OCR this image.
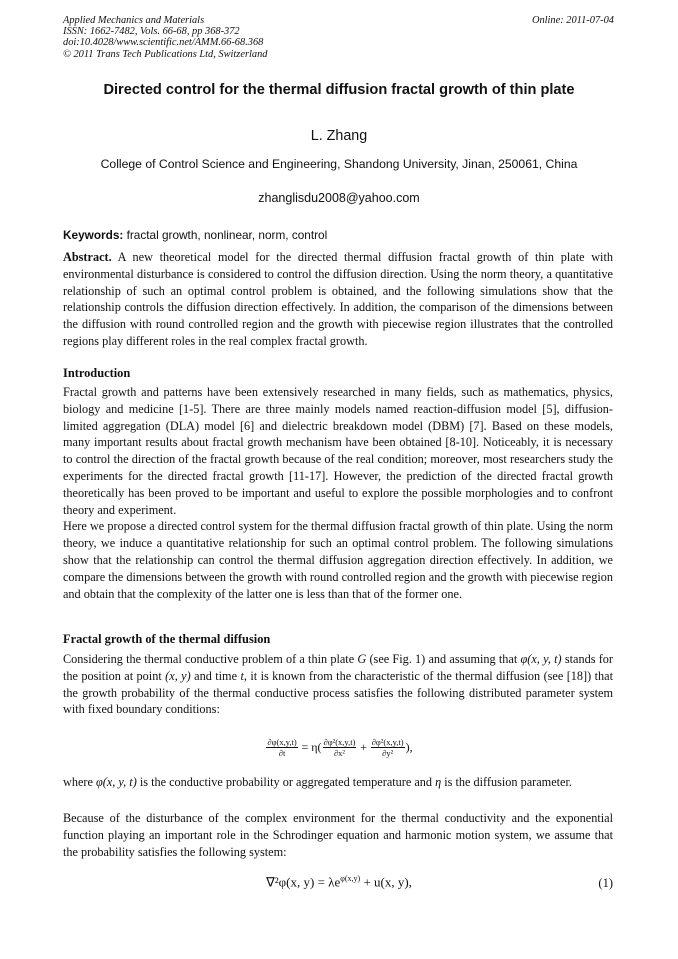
Applied Mechanics and Materials
ISSN: 1662-7482, Vols. 66-68, pp 368-372
doi:10.4028/www.scientific.net/AMM.66-68.368
© 2011 Trans Tech Publications Ltd, Switzerland
Online: 2011-07-04
Directed control for the thermal diffusion fractal growth of thin plate
L. Zhang
College of Control Science and Engineering, Shandong University, Jinan, 250061, China
zhanglisdu2008@yahoo.com
Keywords: fractal growth, nonlinear, norm, control
Abstract. A new theoretical model for the directed thermal diffusion fractal growth of thin plate with environmental disturbance is considered to control the diffusion direction. Using the norm theory, a quantitative relationship of such an optimal control problem is obtained, and the following simulations show that the relationship controls the diffusion direction effectively. In addition, the comparison of the dimensions between the diffusion with round controlled region and the growth with piecewise region illustrates that the controlled regions play different roles in the real complex fractal growth.
Introduction

Fractal growth and patterns have been extensively researched in many fields, such as mathematics, physics, biology and medicine [1-5]. There are three mainly models named reaction-diffusion model [5], diffusion-limited aggregation (DLA) model [6] and dielectric breakdown model (DBM) [7]. Based on these models, many important results about fractal growth mechanism have been obtained [8-10]. Noticeably, it is necessary to control the direction of the fractal growth because of the real condition; moreover, most researchers study the experiments for the directed fractal growth [11-17]. However, the prediction of the directed fractal growth theoretically has been proved to be important and useful to explore the possible morphologies and to confront theory and experiment.

Here we propose a directed control system for the thermal diffusion fractal growth of thin plate. Using the norm theory, we induce a quantitative relationship for such an optimal control problem. The following simulations show that the relationship can control the thermal diffusion aggregation direction effectively. In addition, we compare the dimensions between the growth with round controlled region and the growth with piecewise region and obtain that the complexity of the latter one is less than that of the former one.

Fractal growth of the thermal diffusion
Considering the thermal conductive problem of a thin plate G (see Fig. 1) and assuming that φ(x, y, t) stands for the position at point (x, y) and time t, it is known from the characteristic of the thermal diffusion (see [18]) that the growth probability of the thermal conductive process satisfies the following distributed parameter system with fixed boundary conditions:
$\frac{\partial\varphi(x,y,t)}{\partial t} = \eta( \frac{\text{∂φ²(x,y,t)}}{\text{∂x²}} + \frac{\text{∂φ²(x,y,t)}}{\text{∂y²}}$ ),
where φ(x, y, t) is the conductive probability or aggregated temperature and η is the diffusion parameter.
Because of the disturbance of the complex environment for the thermal conductivity and the exponential function playing an important role in the Schrodinger equation and harmonic motion system, we assume that the probability satisfies the following system:
∇²φ(x, $y) = \lambda e^{\varphi(x,y)} + u(x$, y),	(1)
